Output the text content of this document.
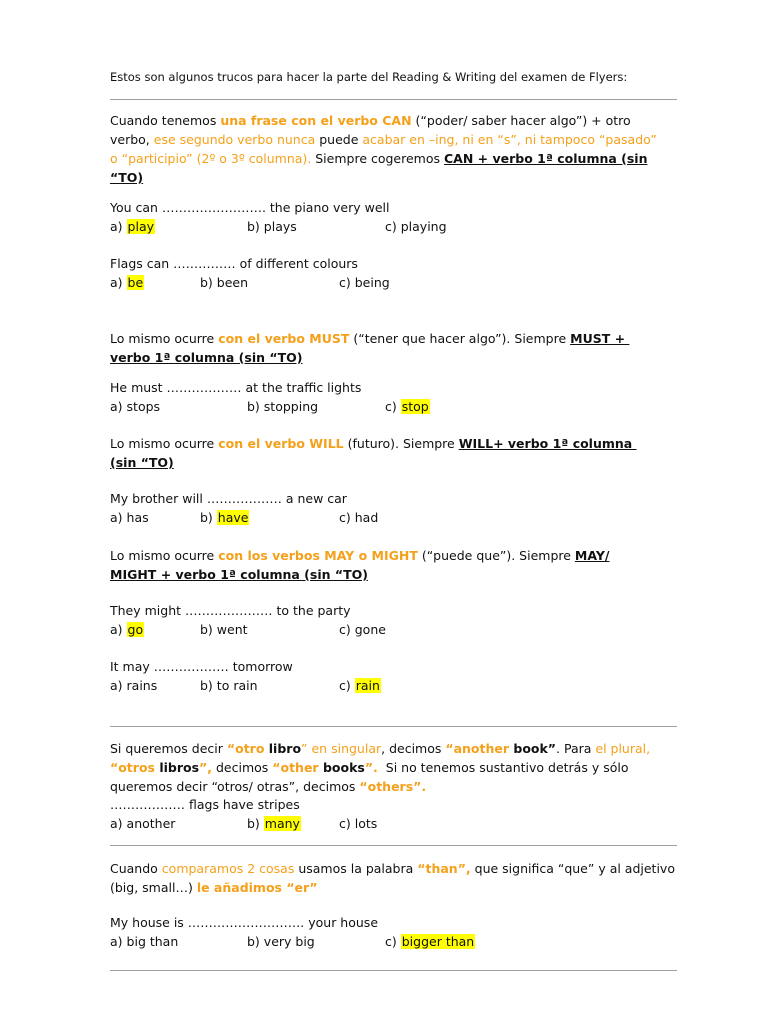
Estos son algunos trucos para hacer la parte del Reading & Writing del examen de Flyers:
Cuando tenemos una frase con el verbo CAN (“poder/ saber hacer algo”) + otro
verbo, ese segundo verbo nunca puede acabar en –ing, ni en “s”, ni tampoco “pasado”
o “participio” (2º o 3º columna). Siempre cogeremos CAN + verbo 1ª columna (sin
“TO)
You can ……………………. the piano very well
a) play	b) plays	c) playing
Flags can …………… of different colours
a) be	b) been	c) being
Lo mismo ocurre con el verbo MUST (“tener que hacer algo”). Siempre MUST +
verbo 1ª columna (sin “TO)
He must ……………… at the traffic lights
a) stops	b) stopping	c) stop
Lo mismo ocurre con el verbo WILL (futuro). Siempre WILL+ verbo 1ª columna
(sin “TO)
My brother will ……………… a new car
a) has	b) have	c) had
Lo mismo ocurre con los verbos MAY o MIGHT (“puede que”). Siempre MAY/
MIGHT + verbo 1ª columna (sin “TO)
They might ………………… to the party
a) go	b) went	c) gone
It may ……………… tomorrow
a) rains	b) to rain	c) rain
Si queremos decir “otro libro” en singular, decimos “another book”. Para el plural,
“otros libros”, decimos “other books”.  Si no tenemos sustantivo detrás y sólo
queremos decir “otros/ otras”, decimos “others”.
……………… flags have stripes
a) another	b) many	c) lots
Cuando comparamos 2 cosas usamos la palabra “than”, que significa “que” y al adjetivo
(big, small…) le añadimos “er”
My house is ………………………. your house
a) big than	b) very big	c) bigger than
